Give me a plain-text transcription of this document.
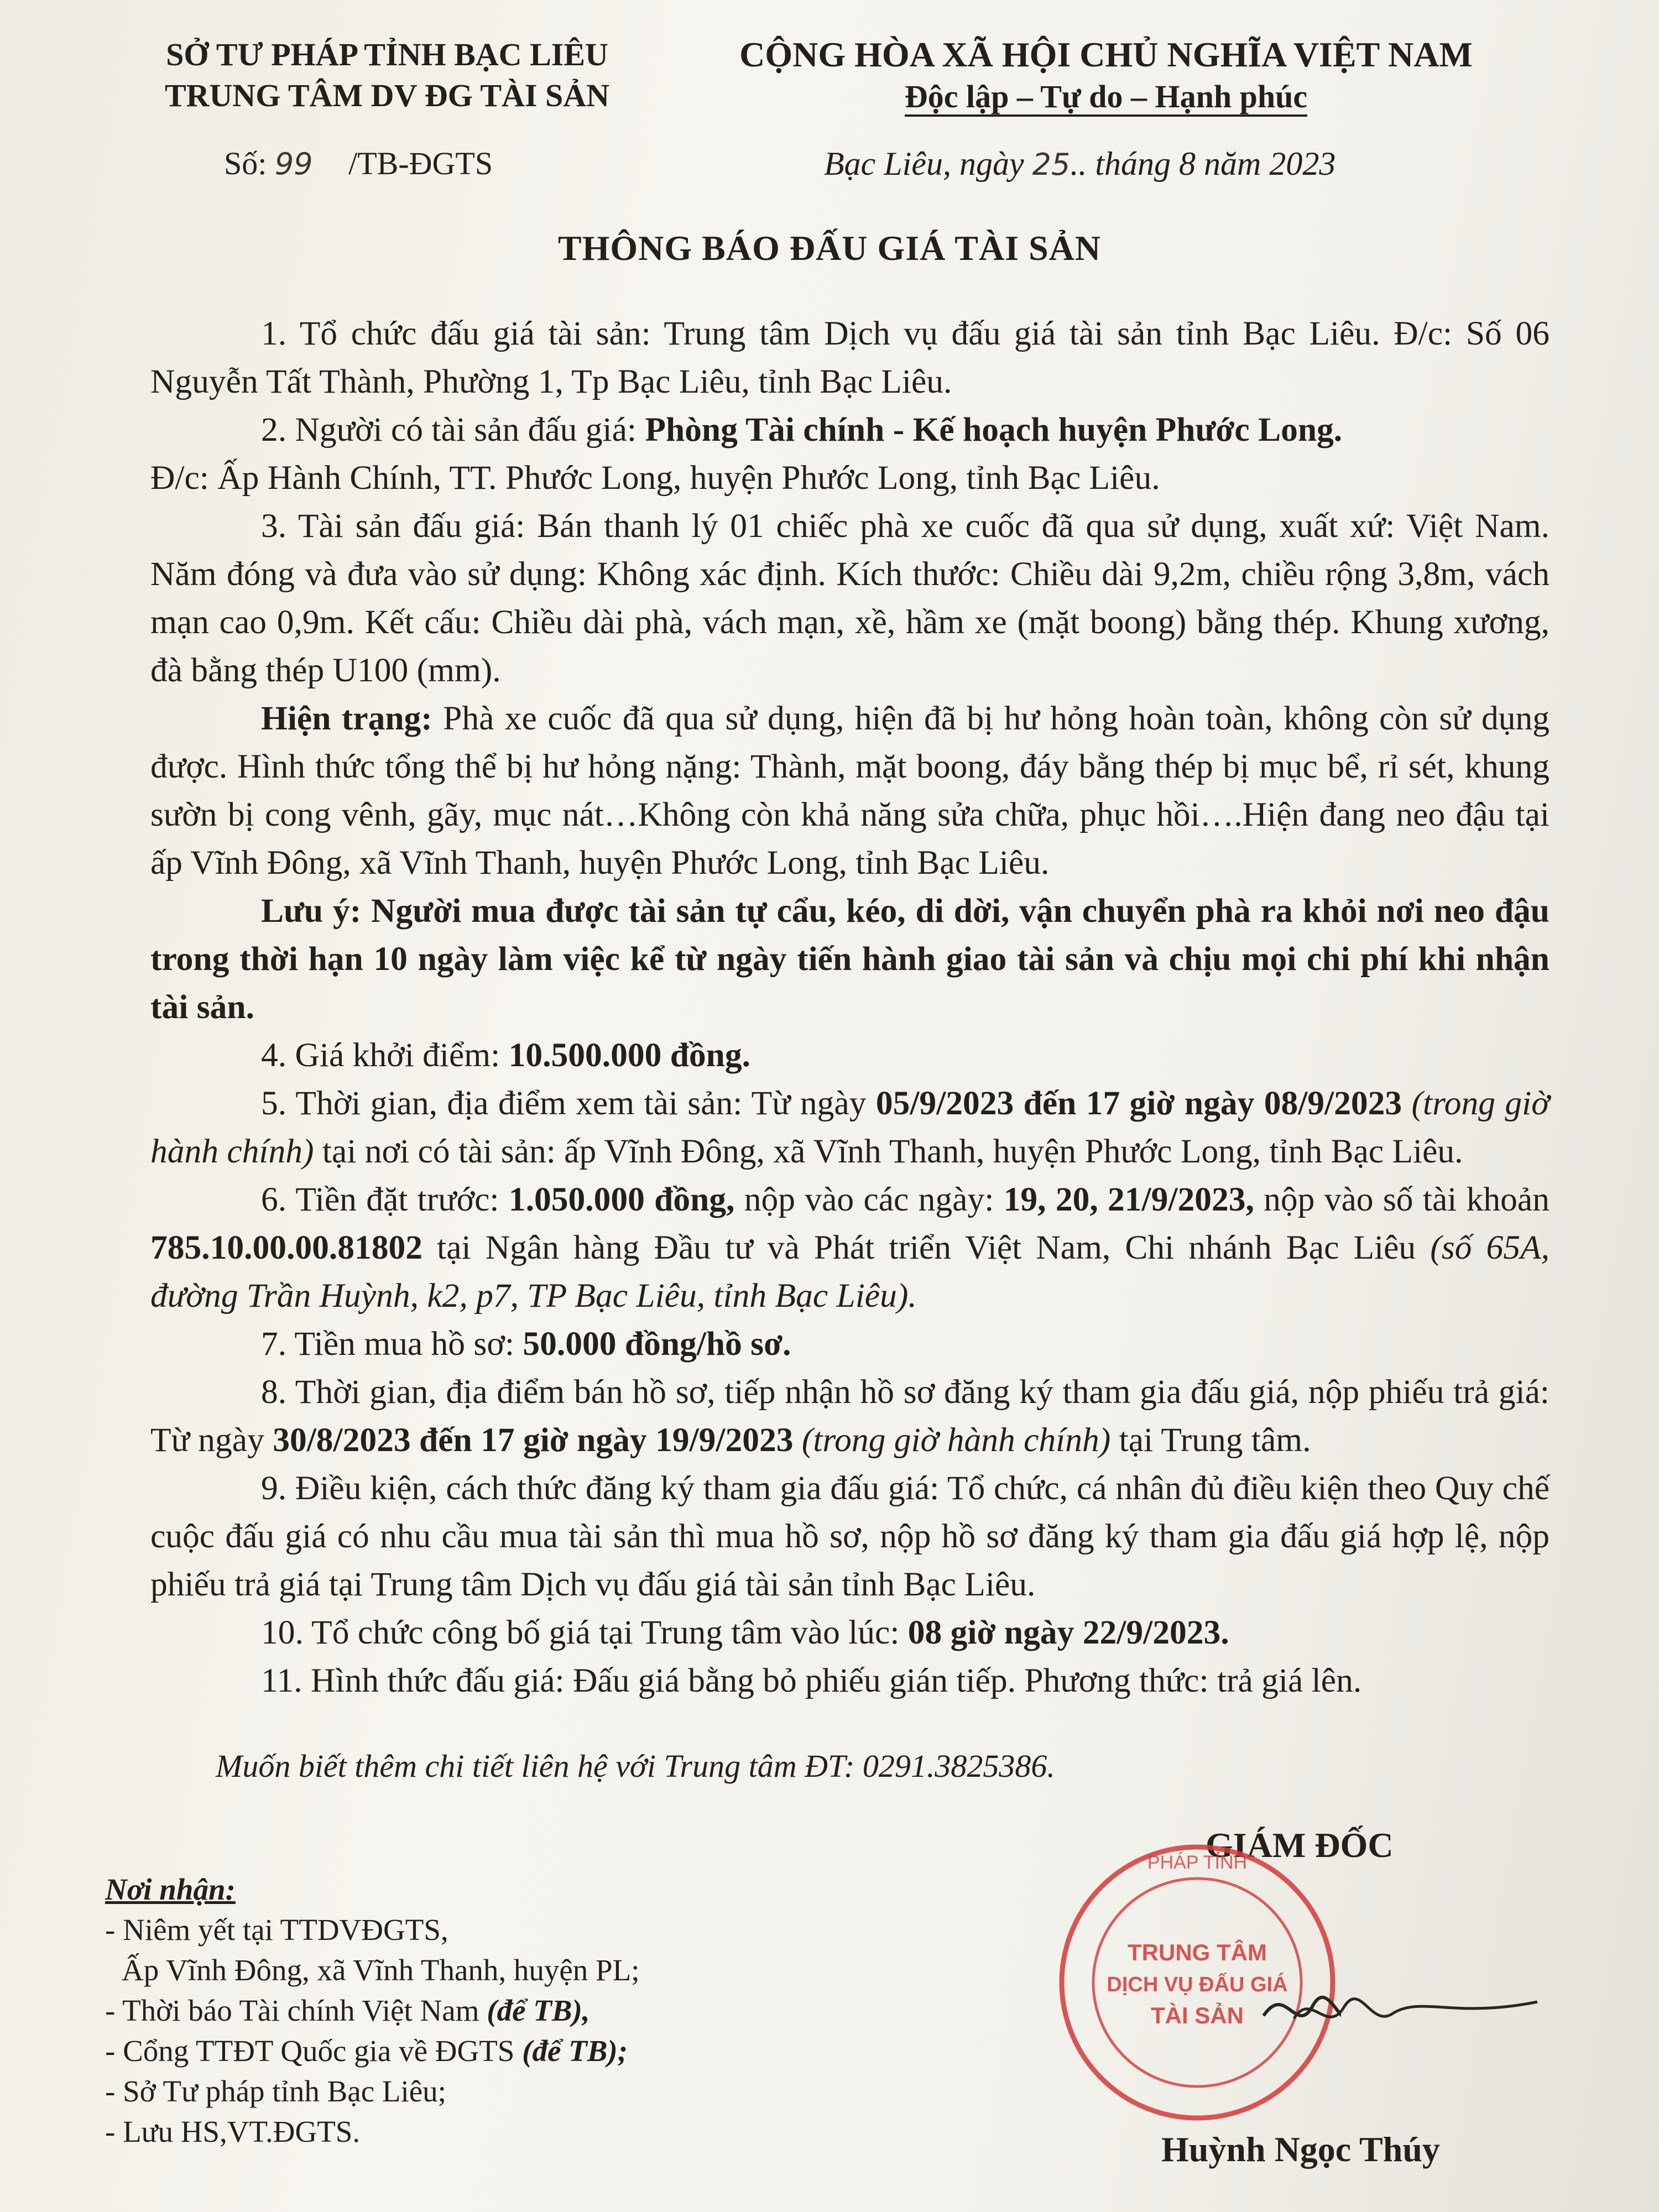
SỞ TƯ PHÁP TỈNH BẠC LIÊU
TRUNG TÂM DV ĐG TÀI SẢN
CỘNG HÒA XÃ HỘI CHỦ NGHĨA VIỆT NAM
Độc lập – Tự do – Hạnh phúc
Số: 99 /TB-ĐGTS	Bạc Liêu, ngày 25.. tháng 8 năm 2023
THÔNG BÁO ĐẤU GIÁ TÀI SẢN

1. Tổ chức đấu giá tài sản: Trung tâm Dịch vụ đấu giá tài sản tỉnh Bạc Liêu. Đ/c: Số 06 Nguyễn Tất Thành, Phường 1, Tp Bạc Liêu, tỉnh Bạc Liêu.

2. Người có tài sản đấu giá: Phòng Tài chính - Kế hoạch huyện Phước Long.

Đ/c: Ấp Hành Chính, TT. Phước Long, huyện Phước Long, tỉnh Bạc Liêu.

3. Tài sản đấu giá: Bán thanh lý 01 chiếc phà xe cuốc đã qua sử dụng, xuất xứ: Việt Nam. Năm đóng và đưa vào sử dụng: Không xác định. Kích thước: Chiều dài 9,2m, chiều rộng 3,8m, vách mạn cao 0,9m. Kết cấu: Chiều dài phà, vách mạn, xề, hầm xe (mặt boong) bằng thép. Khung xương, đà bằng thép U100 (mm).

Hiện trạng: Phà xe cuốc đã qua sử dụng, hiện đã bị hư hỏng hoàn toàn, không còn sử dụng được. Hình thức tổng thể bị hư hỏng nặng: Thành, mặt boong, đáy bằng thép bị mục bể, rỉ sét, khung sườn bị cong vênh, gãy, mục nát…Không còn khả năng sửa chữa, phục hồi….Hiện đang neo đậu tại ấp Vĩnh Đông, xã Vĩnh Thanh, huyện Phước Long, tỉnh Bạc Liêu.

Lưu ý: Người mua được tài sản tự cẩu, kéo, di dời, vận chuyển phà ra khỏi nơi neo đậu trong thời hạn 10 ngày làm việc kể từ ngày tiến hành giao tài sản và chịu mọi chi phí khi nhận tài sản.

4. Giá khởi điểm: 10.500.000 đồng.

5. Thời gian, địa điểm xem tài sản: Từ ngày 05/9/2023 đến 17 giờ ngày 08/9/2023 (trong giờ hành chính) tại nơi có tài sản: ấp Vĩnh Đông, xã Vĩnh Thanh, huyện Phước Long, tỉnh Bạc Liêu.

6. Tiền đặt trước: 1.050.000 đồng, nộp vào các ngày: 19, 20, 21/9/2023, nộp vào số tài khoản 785.10.00.00.81802 tại Ngân hàng Đầu tư và Phát triển Việt Nam, Chi nhánh Bạc Liêu (số 65A, đường Trần Huỳnh, k2, p7, TP Bạc Liêu, tỉnh Bạc Liêu).

7. Tiền mua hồ sơ: 50.000 đồng/hồ sơ.

8. Thời gian, địa điểm bán hồ sơ, tiếp nhận hồ sơ đăng ký tham gia đấu giá, nộp phiếu trả giá: Từ ngày 30/8/2023 đến 17 giờ ngày 19/9/2023 (trong giờ hành chính) tại Trung tâm.

9. Điều kiện, cách thức đăng ký tham gia đấu giá: Tổ chức, cá nhân đủ điều kiện theo Quy chế cuộc đấu giá có nhu cầu mua tài sản thì mua hồ sơ, nộp hồ sơ đăng ký tham gia đấu giá hợp lệ, nộp phiếu trả giá tại Trung tâm Dịch vụ đấu giá tài sản tỉnh Bạc Liêu.

10. Tổ chức công bố giá tại Trung tâm vào lúc: 08 giờ ngày 22/9/2023.

11. Hình thức đấu giá: Đấu giá bằng bỏ phiếu gián tiếp. Phương thức: trả giá lên.

Muốn biết thêm chi tiết liên hệ với Trung tâm ĐT: 0291.3825386.
GIÁM ĐỐC
Nơi nhận:
- Niêm yết tại TTDVĐGTS,
Ấp Vĩnh Đông, xã Vĩnh Thanh, huyện PL;
- Thời báo Tài chính Việt Nam (để TB),
- Cổng TTĐT Quốc gia về ĐGTS (để TB);
- Sở Tư pháp tỉnh Bạc Liêu;
- Lưu HS,VT.ĐGTS.
PHÁP TỈNH
TRUNG TÂM
DỊCH VỤ ĐẤU GIÁ
TÀI SẢN
Huỳnh Ngọc Thúy
